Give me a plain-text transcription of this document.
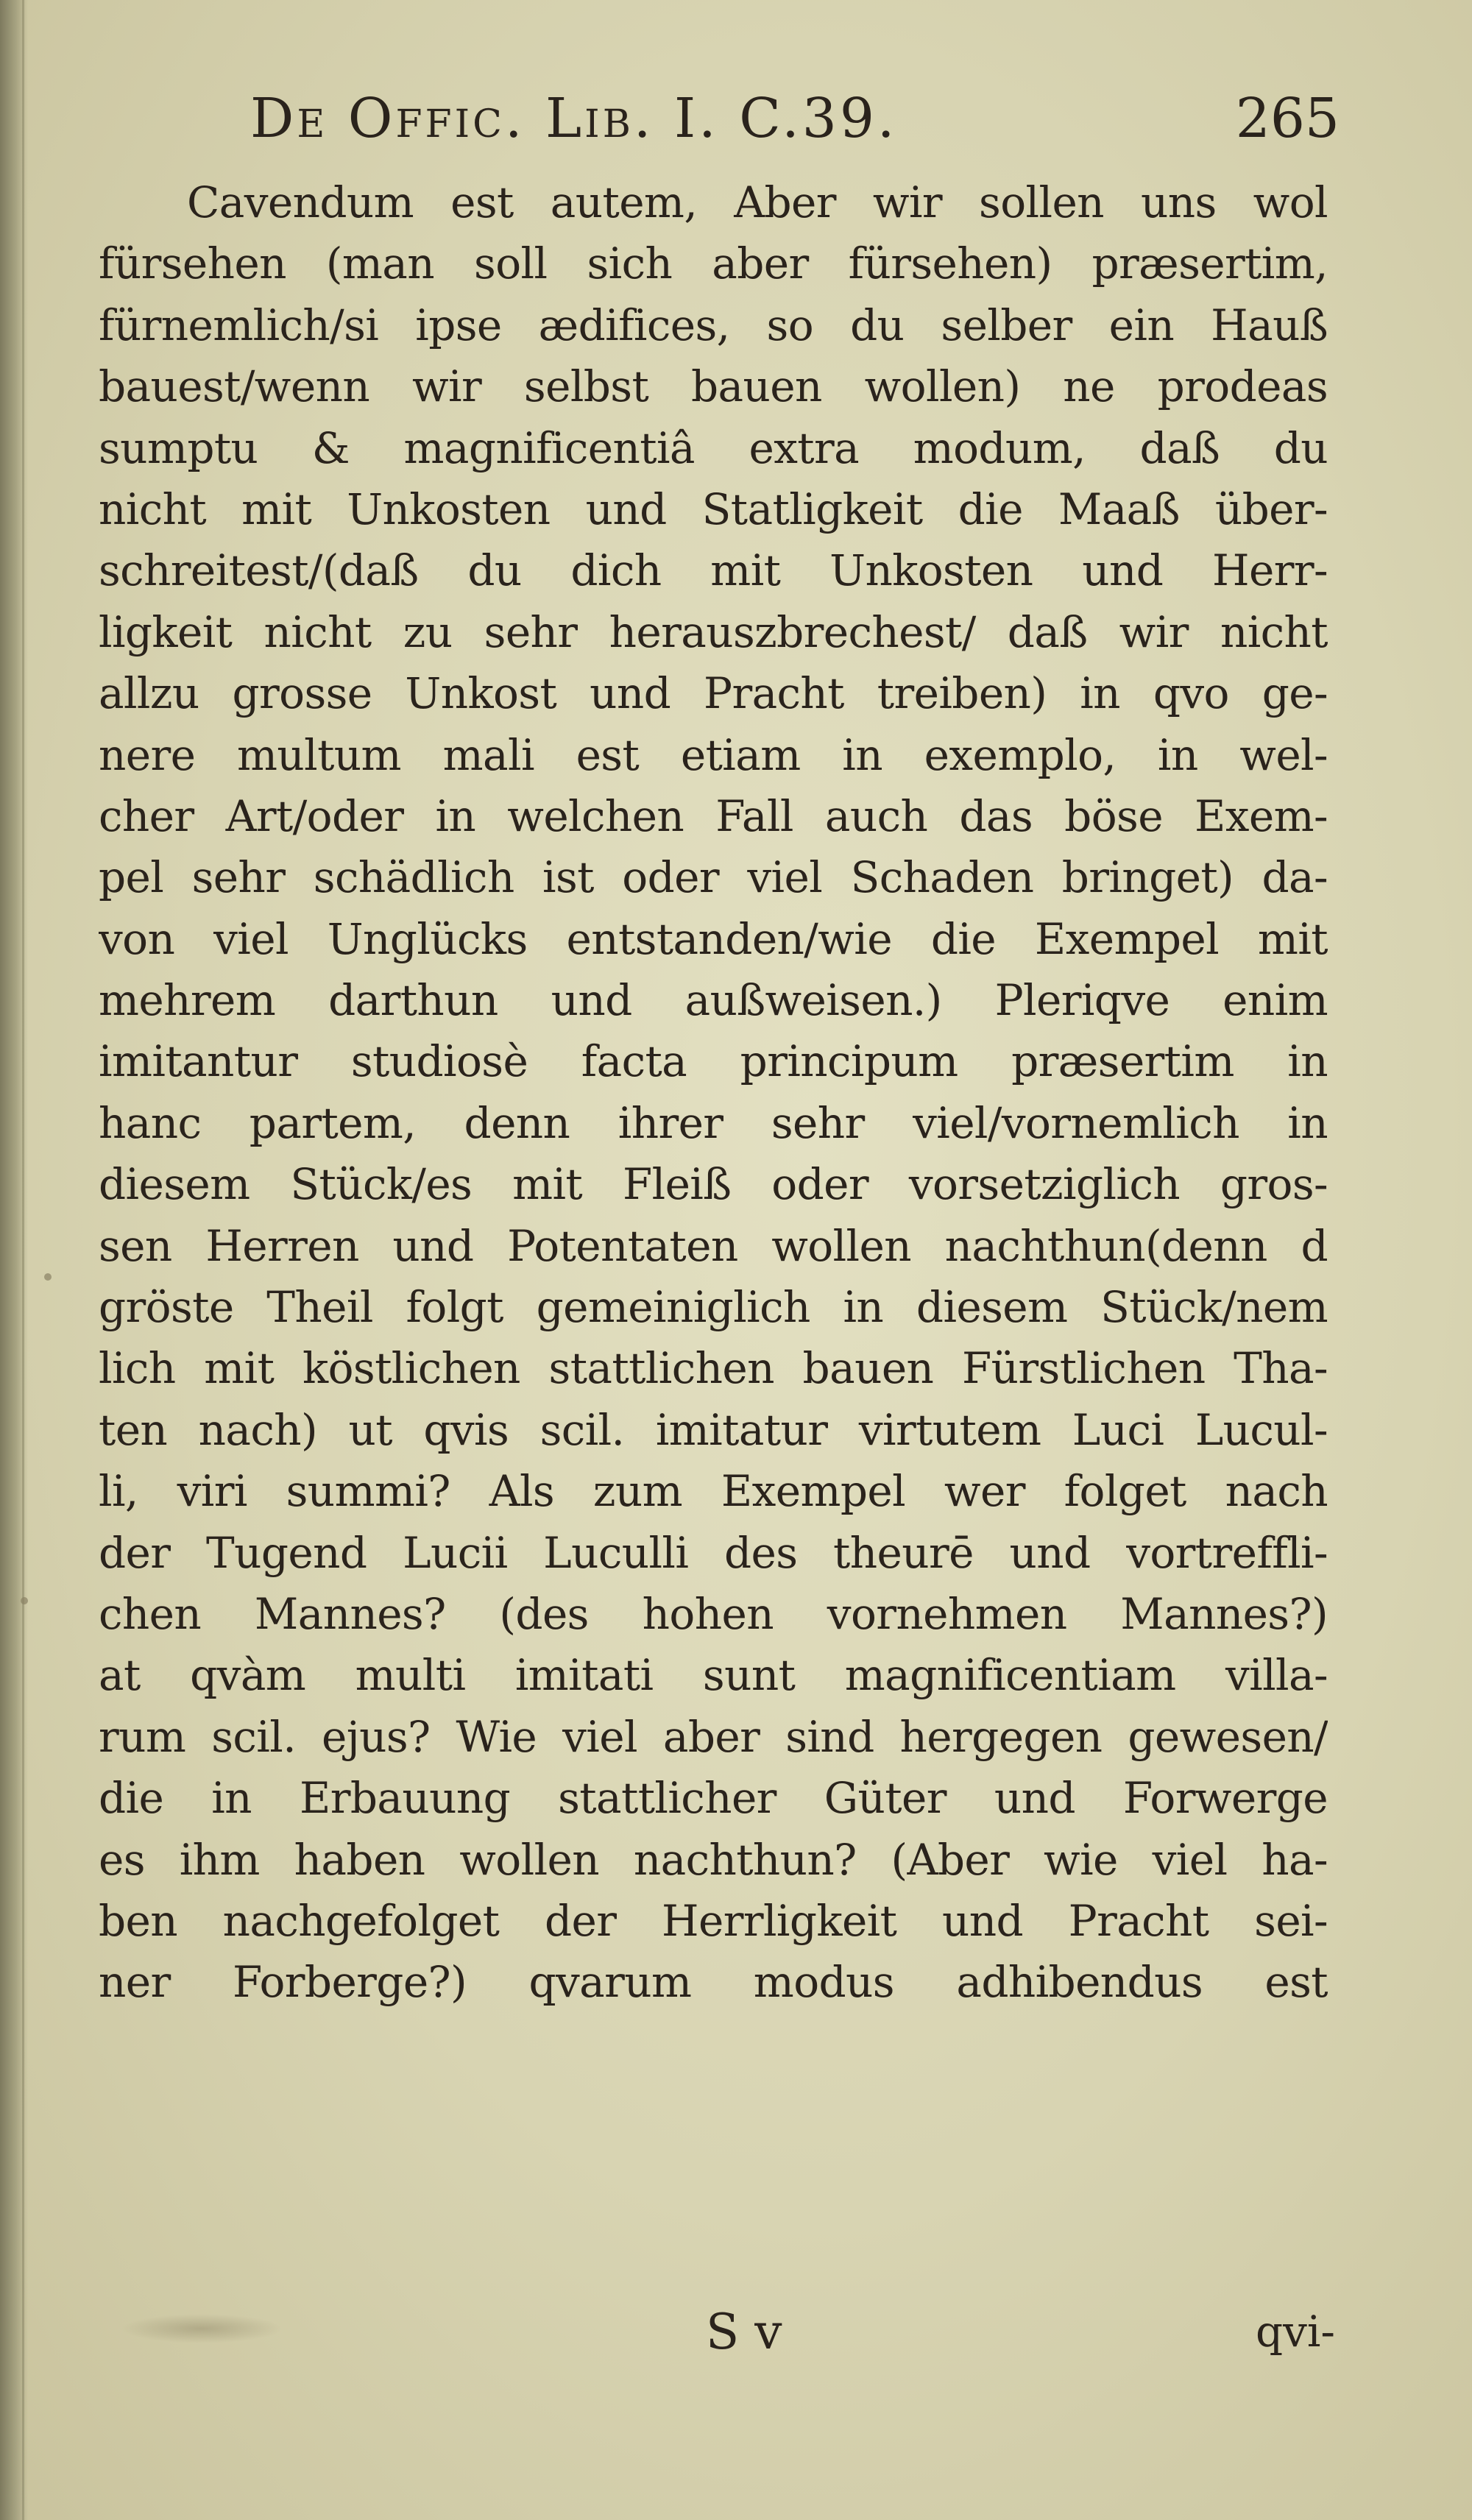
De Offic. Lib. I. C.39.	265
Cavendum est autem, Aber wir sollen uns wol
fürsehen (man soll sich aber fürsehen) præsertim,
fürnemlich/si ipse ædifices, so du selber ein Hauß
bauest/wenn wir selbst bauen wollen) ne prodeas
sumptu & magnificentiâ extra modum, daß du
nicht mit Unkosten und Statligkeit die Maaß über-
schreitest/(daß du dich mit Unkosten und Herr-
ligkeit nicht zu sehr herauszbrechest/ daß wir nicht
allzu grosse Unkost und Pracht treiben) in qvo ge-
nere multum mali est etiam in exemplo, in wel-
cher Art/oder in welchen Fall auch das böse Exem-
pel sehr schädlich ist oder viel Schaden bringet) da-
von viel Unglücks entstanden/wie die Exempel mit
mehrem darthun und außweisen.) Pleriqve enim
imitantur studiosè facta principum præsertim in
hanc partem, denn ihrer sehr viel/vornemlich in
diesem Stück/es mit Fleiß oder vorsetziglich gros-
sen Herren und Potentaten wollen nachthun(denn d
gröste Theil folgt gemeiniglich in diesem Stück/nem
lich mit köstlichen stattlichen bauen Fürstlichen Tha-
ten nach) ut qvis scil. imitatur virtutem Luci Lucul-
li, viri summi? Als zum Exempel wer folget nach
der Tugend Lucii Luculli des theurē und vortreffli-
chen Mannes? (des hohen vornehmen Mannes?)
at qvàm multi imitati sunt magnificentiam villa-
rum scil. ejus? Wie viel aber sind hergegen gewesen/
die in Erbauung stattlicher Güter und Forwerge
es ihm haben wollen nachthun? (Aber wie viel ha-
ben nachgefolget der Herrligkeit und Pracht sei-
ner Forberge?) qvarum modus adhibendus est
S v	qvi-
